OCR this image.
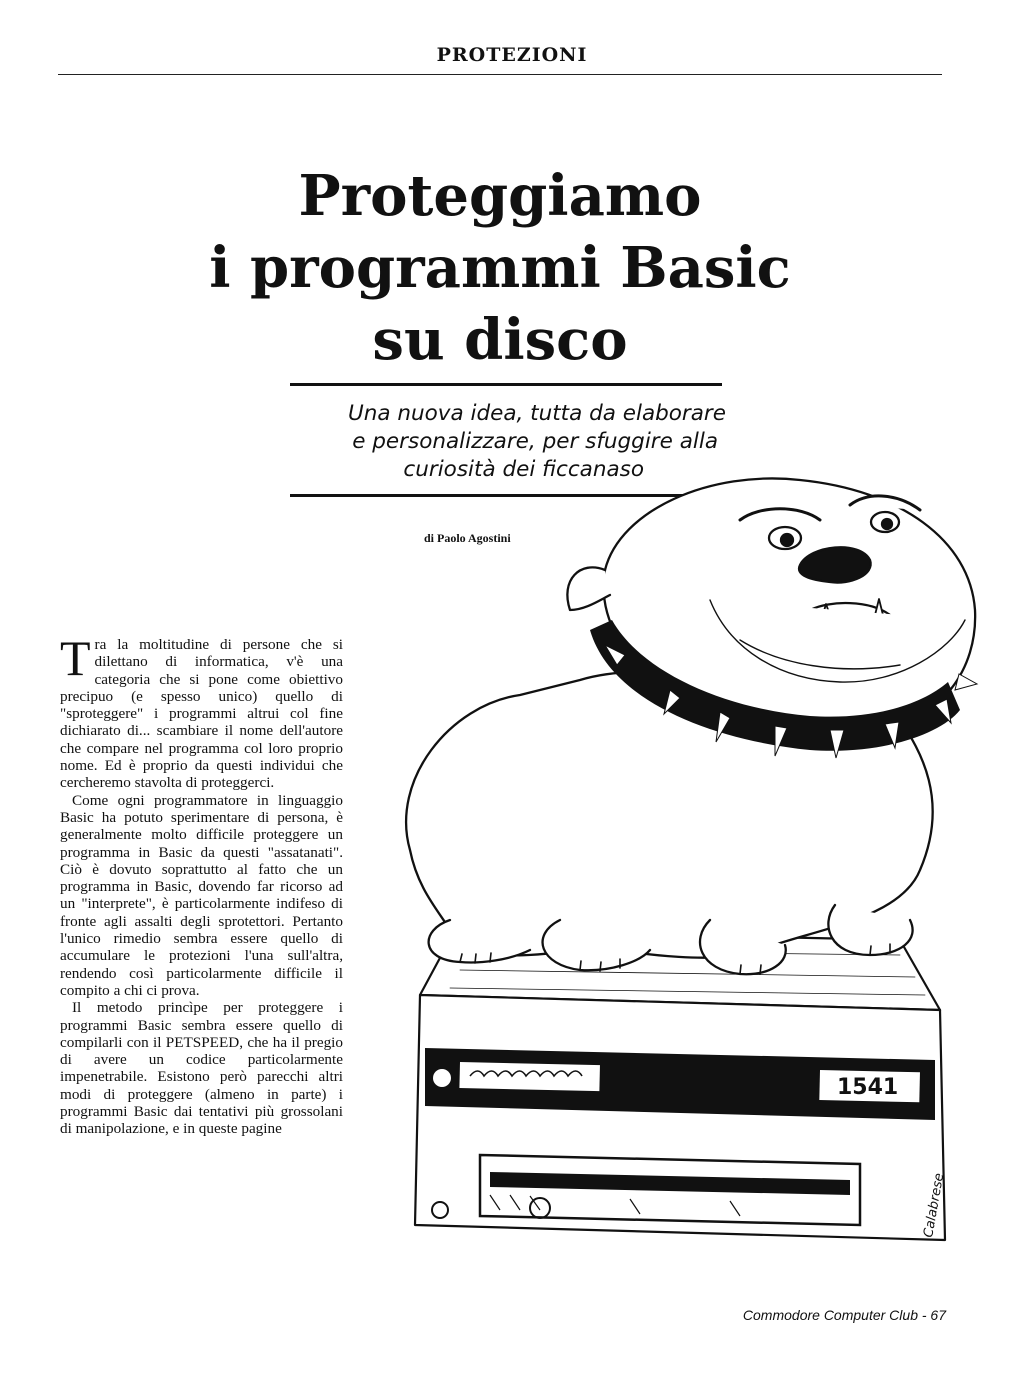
PROTEZIONI
Proteggiamo
i programmi Basic
su disco
Una nuova idea, tutta da elaborare
e personalizzare, per sfuggire alla
curiosità dei ficcanaso
di Paolo Agostini
1541
Calabrese

Tra la moltitudine di persone che si dilettano di informatica, v'è una categoria che si pone come obiettivo precipuo (e spesso unico) quello di "sproteggere" i programmi altrui col fine dichiarato di... scambiare il nome dell'autore che compare nel programma col loro proprio nome. Ed è proprio da questi individui che cercheremo stavolta di proteggerci.

Come ogni programmatore in linguaggio Basic ha potuto sperimentare di persona, è generalmente molto difficile proteggere un programma in Basic da questi "assatanati". Ciò è dovuto soprattutto al fatto che un programma in Basic, dovendo far ricorso ad un "interprete", è particolarmente indifeso di fronte agli assalti degli sprotettori. Pertanto l'unico rimedio sembra essere quello di accumulare le protezioni l'una sull'altra, rendendo così particolarmente difficile il compito a chi ci prova.

Il metodo princìpe per proteggere i programmi Basic sembra essere quello di compilarli con il PETSPEED, che ha il pregio di avere un codice particolarmente impenetrabile. Esistono però parecchi altri modi di proteggere (almeno in parte) i programmi Basic dai tentativi più grossolani di manipolazione, e in queste pagine

Commodore Computer Club - 67
